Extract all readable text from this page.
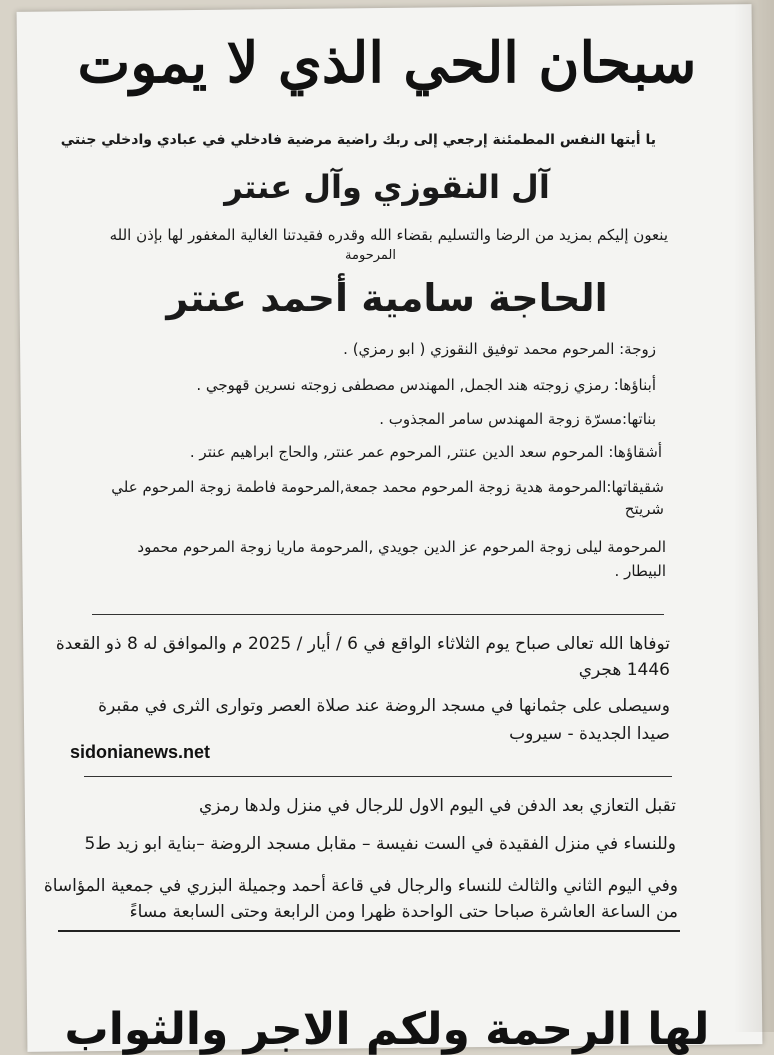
سبحان الحي الذي لا يموت
يا أيتها النفس المطمئنة إرجعي إلى ربك راضية مرضية فادخلي في عبادي وادخلي جنتي
آل النقوزي وآل عنتر
ينعون إليكم بمزيد من الرضا والتسليم بقضاء الله وقدره فقيدتنا الغالية المغفور لها بإذن الله
المرحومة
الحاجة سامية أحمد عنتر
زوجة: المرحوم محمد توفيق النقوزي ( ابو رمزي) .
أبناؤها: رمزي زوجته هند الجمل, المهندس مصطفى زوجته نسرين قهوجي .
بناتها:مسرّة زوجة المهندس سامر المجذوب .
أشقاؤها: المرحوم سعد الدين عنتر, المرحوم عمر عنتر, والحاج ابراهيم عنتر .
شقيقاتها:المرحومة هدية زوجة المرحوم محمد جمعة,المرحومة فاطمة زوجة المرحوم علي
شريتح
المرحومة ليلى زوجة المرحوم عز الدين جويدي ,المرحومة ماريا زوجة المرحوم محمود
البيطار .
توفاها الله تعالى صباح يوم الثلاثاء الواقع في 6 / أيار / 2025 م والموافق له 8 ذو القعدة
1446 هجري
وسيصلى على جثمانها في مسجد الروضة عند صلاة العصر وتوارى الثرى في مقبرة
صيدا الجديدة - سيروب
sidonianews.net
تقبل التعازي بعد الدفن في اليوم الاول للرجال في منزل ولدها رمزي
وللنساء في منزل الفقيدة في الست نفيسة – مقابل مسجد الروضة –بناية ابو زيد ط5
وفي اليوم الثاني والثالث للنساء والرجال في قاعة أحمد وجميلة البزري في جمعية المؤاساة
من الساعة العاشرة صباحا حتى الواحدة ظهرا ومن الرابعة وحتى السابعة مساءً
لها الرحمة ولكم الاجر والثواب
